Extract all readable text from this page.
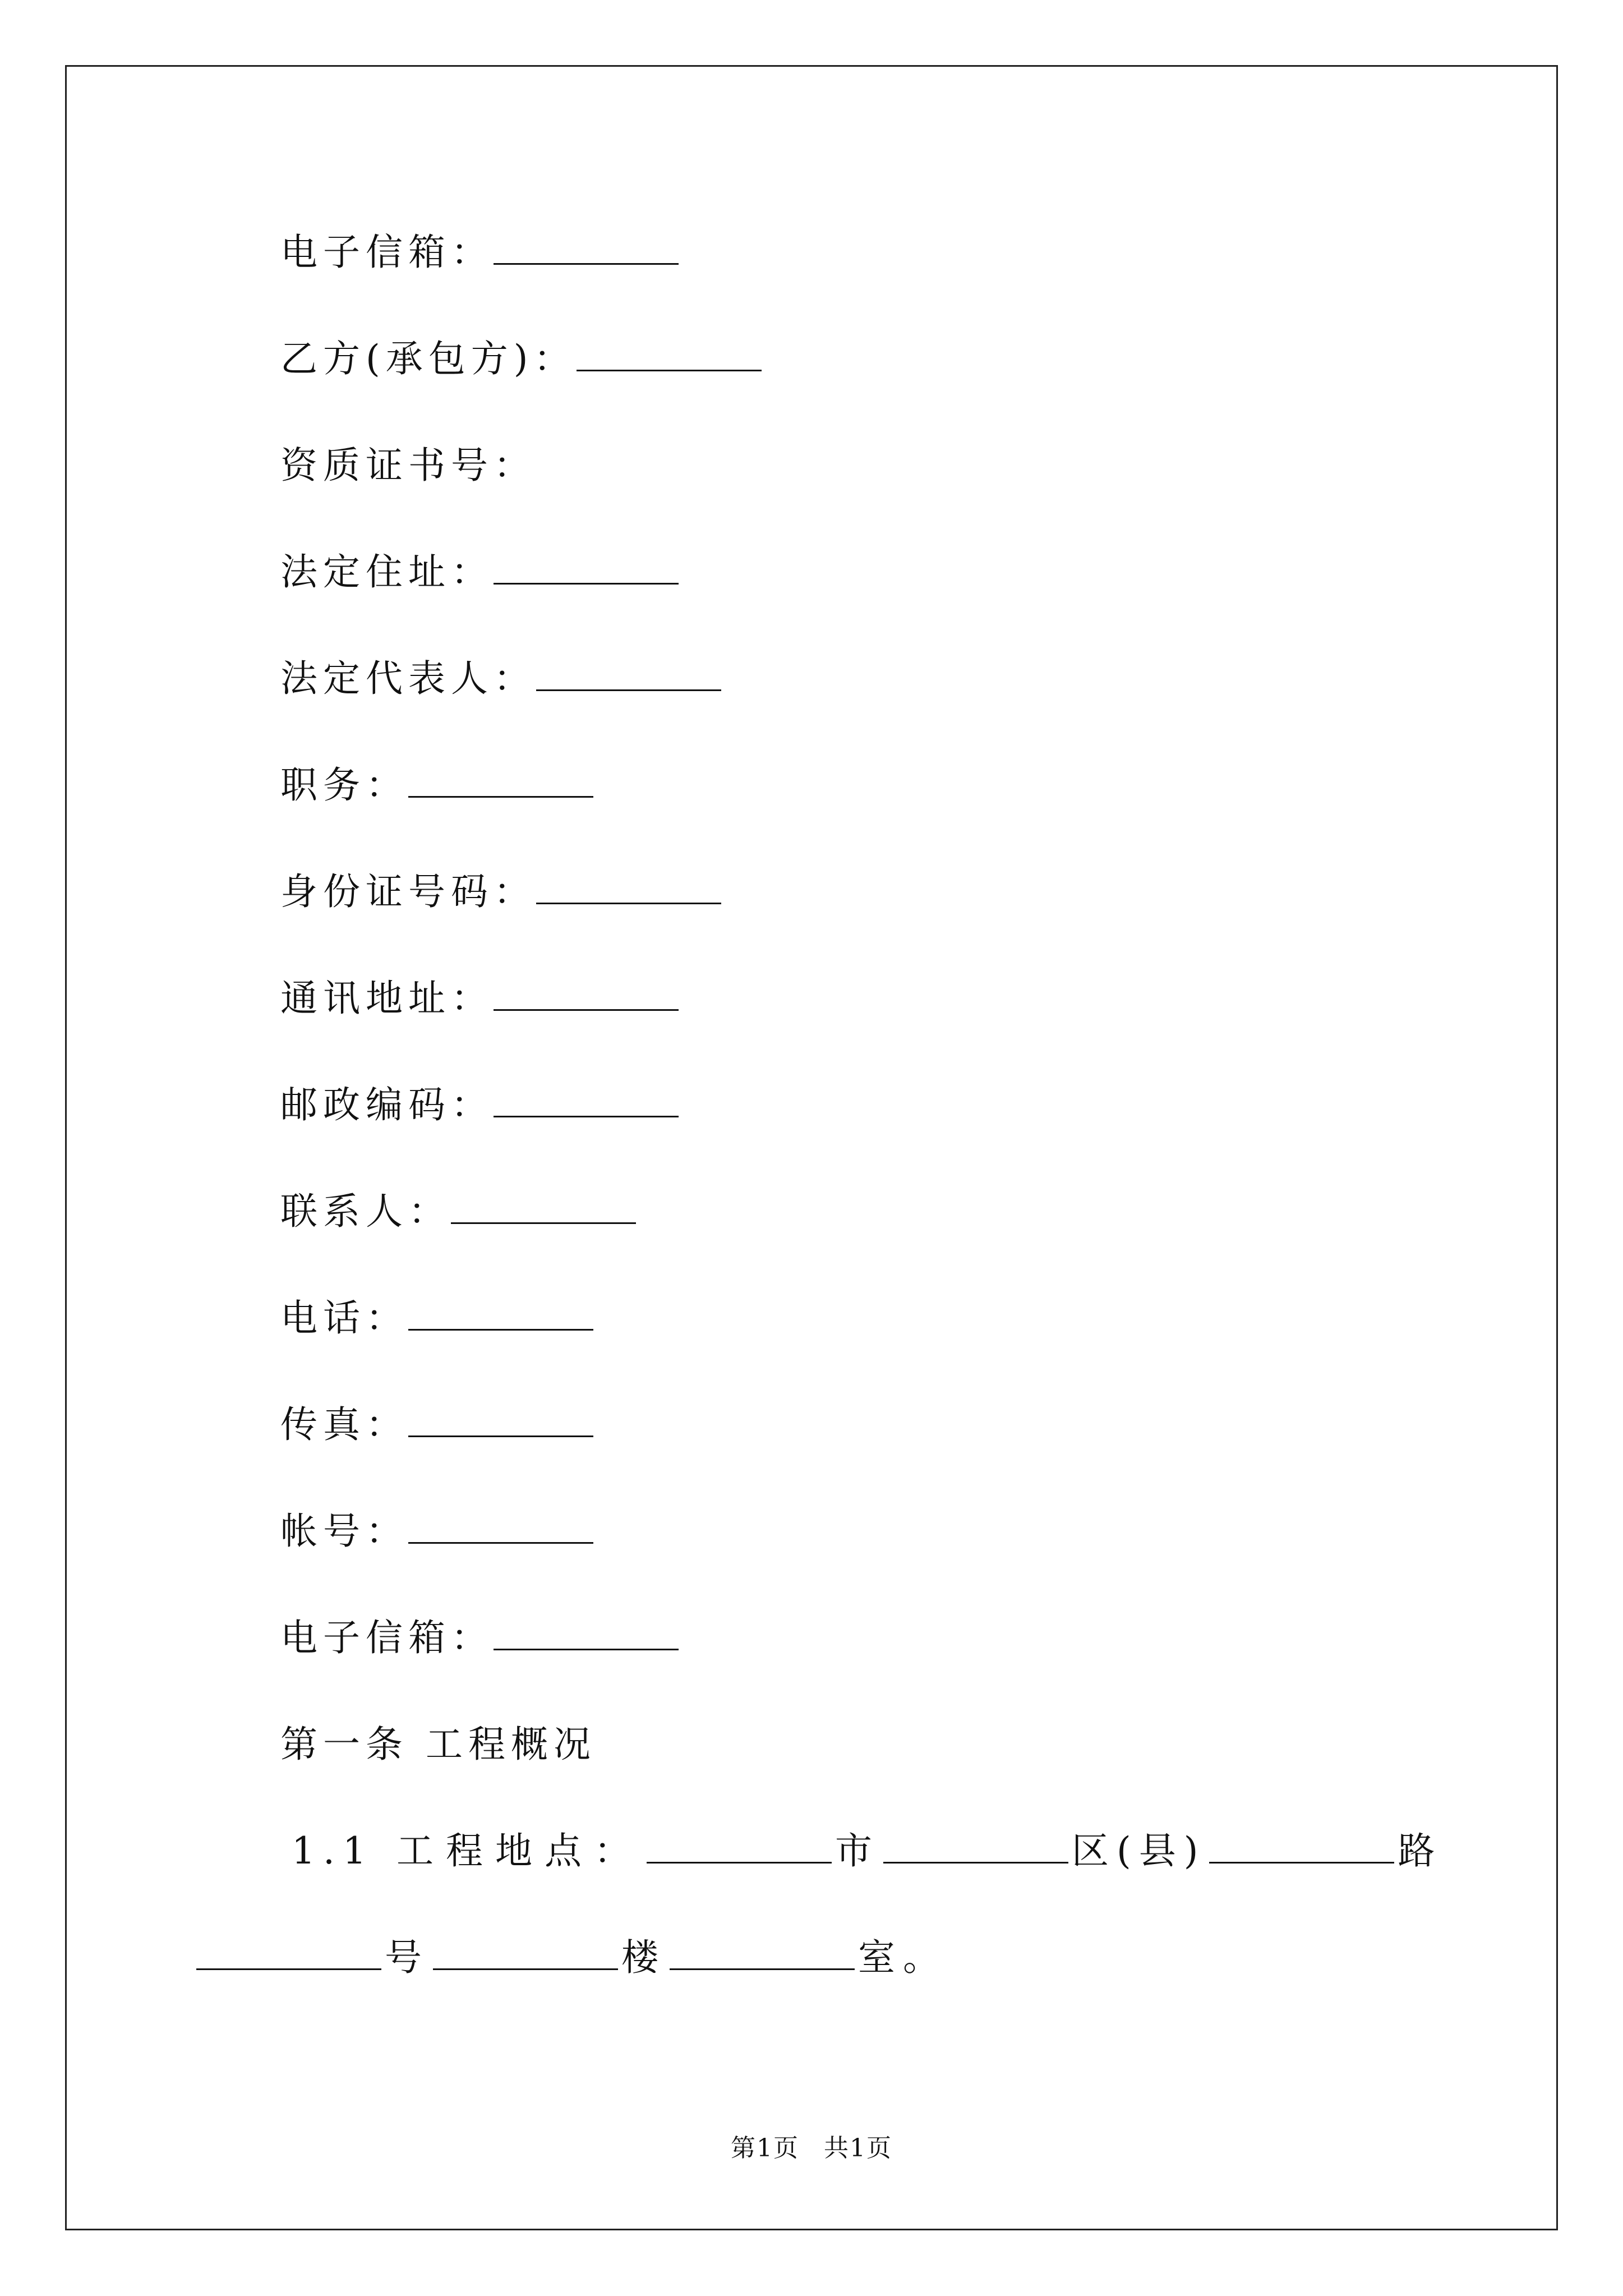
电子信箱：
乙方(承包方)：
资质证书号：
法定住址：
法定代表人：
职务：
身份证号码：
通讯地址：
邮政编码：
联系人：
电话：
传真：
帐号：
电子信箱：
第一条 工程概况
1.1 工程地点：	市	区(县)	路
号	楼	室。
第1页 共1页
